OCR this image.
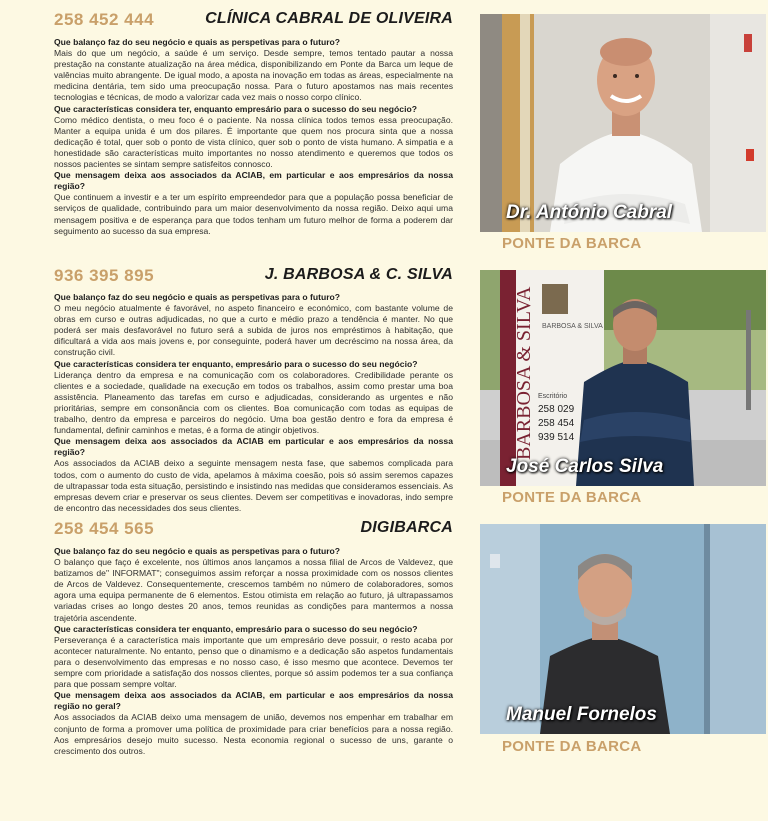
258 452 444	CLÍNICA CABRAL DE OLIVEIRA
Que balanço faz do seu negócio e quais as perspetivas para o futuro?

Mais do que um negócio, a saúde é um serviço. Desde sempre, temos tentado pautar a nossa prestação na constante atualização na área médica, disponibilizando em Ponte da Barca um leque de valências muito abrangente. De igual modo, a aposta na inovação em todas as áreas, especialmente na medicina dentária, tem sido uma preocupação nossa. Para o futuro apostamos nas mais recentes tecnologias e técnicas, de modo a valorizar cada vez mais o nosso corpo clínico.

Que características considera ter, enquanto empresário para o sucesso do seu negócio?

Como médico dentista, o meu foco é o paciente. Na nossa clínica todos temos essa preocupação. Manter a equipa unida é um dos pilares. É importante que quem nos procura sinta que a nossa dedicação é total, quer sob o ponto de vista clínico, quer sob o ponto de vista humano. A simpatia e a honestidade são características muito importantes no nosso atendimento e queremos que todos os nossos pacientes se sintam sempre satisfeitos connosco.

Que mensagem deixa aos associados da ACIAB, em particular e aos empresários da nossa região?

Que continuem a investir e a ter um espírito empreendedor para que a população possa beneficiar de serviços de qualidade, contribuindo para um maior desenvolvimento da nossa região. Deixo aqui uma mensagem positiva e de esperança para que todos tenham um futuro melhor de forma a poderem dar seguimento ao sucesso da sua empresa.

936 395 895	J. BARBOSA & C. SILVA
Que balanço faz do seu negócio e quais as perspetivas para o futuro?

O meu negócio atualmente é favorável, no aspeto financeiro e económico, com bastante volume de obras em curso e outras adjudicadas, no que a curto e médio prazo a tendência é manter. No que poderá ser mais desfavorável no futuro será a subida de juros nos empréstimos à habitação, que dificultará a vida aos mais jovens e, por conseguinte, poderá haver um decréscimo na nossa área, da construção civil.

Que características considera ter enquanto, empresário para o sucesso do seu negócio?

Liderança dentro da empresa e na comunicação com os colaboradores. Credibilidade perante os clientes e a sociedade, qualidade na execução em todos os trabalhos, assim como prestar uma boa assistência. Planeamento das tarefas em curso e adjudicadas, considerando as urgentes e não prioritárias, sempre em consonância com os clientes. Boa comunicação com todas as equipas de trabalho, dentro da empresa e parceiros do negócio. Uma boa gestão dentro e fora da empresa é fundamental, definir caminhos e metas, é a forma de atingir objetivos.

Que mensagem deixa aos associados da ACIAB em particular e aos empresários da nossa região?

Aos associados da ACIAB deixo a seguinte mensagem nesta fase, que sabemos complicada para todos, com o aumento do custo de vida, apelamos à máxima coesão, pois só assim seremos capazes de ultrapassar toda esta situação, persistindo e insistindo nas medidas que consideramos essenciais. As empresas devem criar e preservar os seus clientes. Devem ser competitivas e inovadoras, indo sempre de encontro das necessidades dos seus clientes.

258 454 565	DIGIBARCA
Que balanço faz do seu negócio e quais as perspetivas para o futuro?

O balanço que faço é excelente, nos últimos anos lançamos a nossa filial de Arcos de Valdevez, que batizamos de" INFORMAT"; conseguimos assim reforçar a nossa proximidade com os nossos clientes de Arcos de Valdevez. Consequentemente, crescemos também no número de colaboradores, somos agora uma equipa permanente de 6 elementos. Estou otimista em relação ao futuro, já ultrapassamos variadas crises ao longo destes 20 anos, temos reunidas as condições para mantermos a nossa trajetória ascendente.

Que características considera ter enquanto, empresário para o sucesso do seu negócio?

Perseverança é a característica mais importante que um empresário deve possuir, o resto acaba por acontecer naturalmente. No entanto, penso que o dinamismo e a dedicação são aspetos fundamentais para o desenvolvimento das empresas e no nosso caso, é isso mesmo que acontece. Devemos ter sempre com prioridade a satisfação dos nossos clientes, porque só assim podemos ter a sua confiança para que possam sempre voltar.

Que mensagem deixa aos associados da ACIAB, em particular e aos empresários da nossa região no geral?

Aos associados da ACIAB deixo uma mensagem de união, devemos nos empenhar em trabalhar em conjunto de forma a promover uma política de proximidade para criar benefícios para a nossa região. Aos empresários desejo muito sucesso. Nesta economia regional o sucesso de uns, garante o crescimento dos outros.

Dr. António Cabral
PONTE DA BARCA
BARBOSA & SILVA
Escritório
258 029
258 454
939 514
BARBOSA & SILVA
José Carlos Silva
PONTE DA BARCA
Manuel Fornelos
PONTE DA BARCA
